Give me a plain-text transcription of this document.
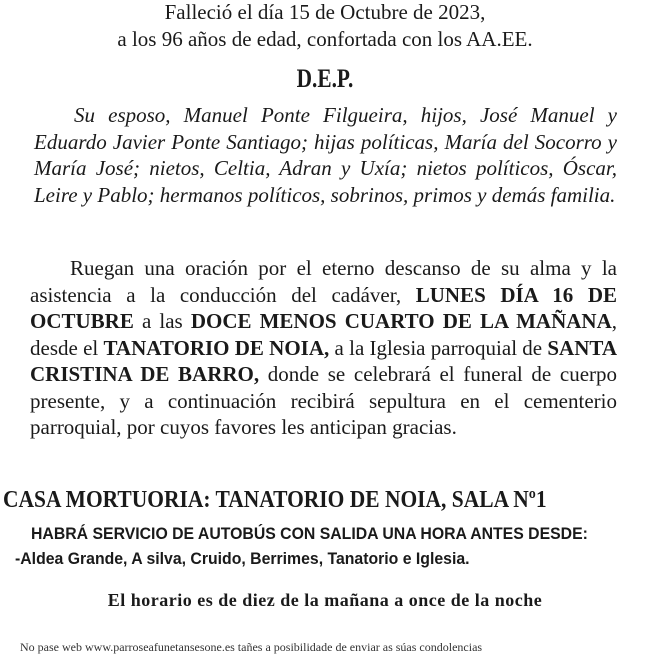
Falleció el día 15 de Octubre de 2023,
a los 96 años de edad, confortada con los AA.EE.
D.E.P.
Su esposo, Manuel Ponte Filgueira, hijos, José Manuel y Eduardo Javier Ponte Santiago; hijas políticas, María del Socorro y María José; nietos, Celtia, Adran y Uxía; nietos políticos, Óscar, Leire y Pablo; hermanos políticos, sobrinos, primos y demás familia.
Ruegan una oración por el eterno descanso de su alma y la asistencia a la conducción del cadáver, LUNES DÍA 16 DE OCTUBRE a las DOCE MENOS CUARTO DE LA MAÑANA, desde el TANATORIO DE NOIA, a la Iglesia parroquial de SANTA CRISTINA DE BARRO, donde se celebrará el funeral de cuerpo presente, y a continuación recibirá sepultura en el cementerio parroquial, por cuyos favores les anticipan gracias.
CASA MORTUORIA: TANATORIO DE NOIA, SALA Nº1
HABRÁ SERVICIO DE AUTOBÚS CON SALIDA UNA HORA ANTES DESDE:
-Aldea Grande, A silva, Cruido, Berrimes, Tanatorio e Iglesia.
El horario es de diez de la mañana a once de la noche
No pase web www.parroseafunetansesone.es tañes a posibilidade de enviar as súas condolencias
